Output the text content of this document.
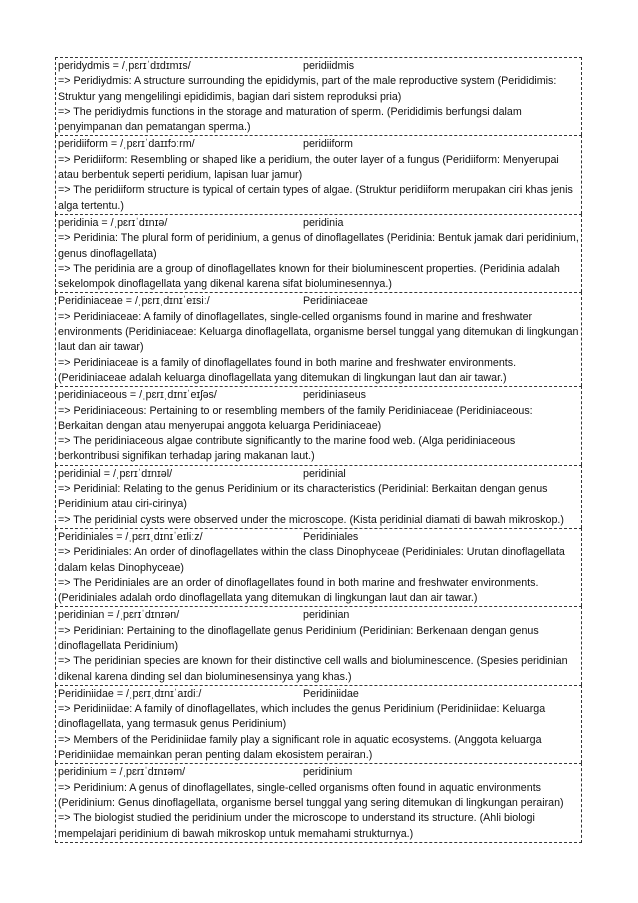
peridydmis = /ˌpɛrɪˈdɪdɪmɪs/	peridiidmis
=> Peridiydmis: A structure surrounding the epididymis, part of the male reproductive system (Perididimis: Struktur yang mengelilingi epididimis, bagian dari sistem reproduksi pria)
=> The peridiydmis functions in the storage and maturation of sperm. (Perididimis berfungsi dalam penyimpanan dan pematangan sperma.)
peridiiform = /ˌpɛrɪˈdaɪɪfɔːrm/	peridiiform
=> Peridiiform: Resembling or shaped like a peridium, the outer layer of a fungus (Peridiiform: Menyerupai atau berbentuk seperti peridium, lapisan luar jamur)
=> The peridiiform structure is typical of certain types of algae. (Struktur peridiiform merupakan ciri khas jenis alga tertentu.)
peridinia = /ˌpɛrɪˈdɪnɪə/	peridinia
=> Peridinia: The plural form of peridinium, a genus of dinoflagellates (Peridinia: Bentuk jamak dari peridinium, genus dinoflagellata)
=> The peridinia are a group of dinoflagellates known for their bioluminescent properties. (Peridinia adalah sekelompok dinoflagellata yang dikenal karena sifat bioluminesennya.)
Peridiniaceae = /ˌpɛrɪˌdɪnɪˈeɪsiː/	Peridiniaceae
=> Peridiniaceae: A family of dinoflagellates, single-celled organisms found in marine and freshwater environments (Peridiniaceae: Keluarga dinoflagellata, organisme bersel tunggal yang ditemukan di lingkungan laut dan air tawar)
=> Peridiniaceae is a family of dinoflagellates found in both marine and freshwater environments. (Peridiniaceae adalah keluarga dinoflagellata yang ditemukan di lingkungan laut dan air tawar.)
peridiniaceous = /ˌpɛrɪˌdɪnɪˈeɪʃəs/	peridiniaseus
=> Peridiniaceous: Pertaining to or resembling members of the family Peridiniaceae (Peridiniaceous: Berkaitan dengan atau menyerupai anggota keluarga Peridiniaceae)
=> The peridiniaceous algae contribute significantly to the marine food web. (Alga peridiniaceous berkontribusi signifikan terhadap jaring makanan laut.)
peridinial = /ˌpɛrɪˈdɪnɪəl/	peridinial
=> Peridinial: Relating to the genus Peridinium or its characteristics (Peridinial: Berkaitan dengan genus Peridinium atau ciri-cirinya)
=> The peridinial cysts were observed under the microscope. (Kista peridinial diamati di bawah mikroskop.)
Peridiniales = /ˌpɛrɪˌdɪnɪˈeɪliːz/	Peridiniales
=> Peridiniales: An order of dinoflagellates within the class Dinophyceae (Peridiniales: Urutan dinoflagellata dalam kelas Dinophyceae)
=> The Peridiniales are an order of dinoflagellates found in both marine and freshwater environments. (Peridiniales adalah ordo dinoflagellata yang ditemukan di lingkungan laut dan air tawar.)
peridinian = /ˌpɛrɪˈdɪnɪən/	peridinian
=> Peridinian: Pertaining to the dinoflagellate genus Peridinium (Peridinian: Berkenaan dengan genus dinoflagellata Peridinium)
=> The peridinian species are known for their distinctive cell walls and bioluminescence. (Spesies peridinian dikenal karena dinding sel dan bioluminesensinya yang khas.)
Peridiniidae = /ˌpɛrɪˌdɪnɪˈaɪdiː/	Peridiniidae
=> Peridiniidae: A family of dinoflagellates, which includes the genus Peridinium (Peridiniidae: Keluarga dinoflagellata, yang termasuk genus Peridinium)
=> Members of the Peridiniidae family play a significant role in aquatic ecosystems. (Anggota keluarga Peridiniidae memainkan peran penting dalam ekosistem perairan.)
peridinium = /ˌpɛrɪˈdɪnɪəm/	peridinium
=> Peridinium: A genus of dinoflagellates, single-celled organisms often found in aquatic environments (Peridinium: Genus dinoflagellata, organisme bersel tunggal yang sering ditemukan di lingkungan perairan)
=> The biologist studied the peridinium under the microscope to understand its structure. (Ahli biologi mempelajari peridinium di bawah mikroskop untuk memahami strukturnya.)
